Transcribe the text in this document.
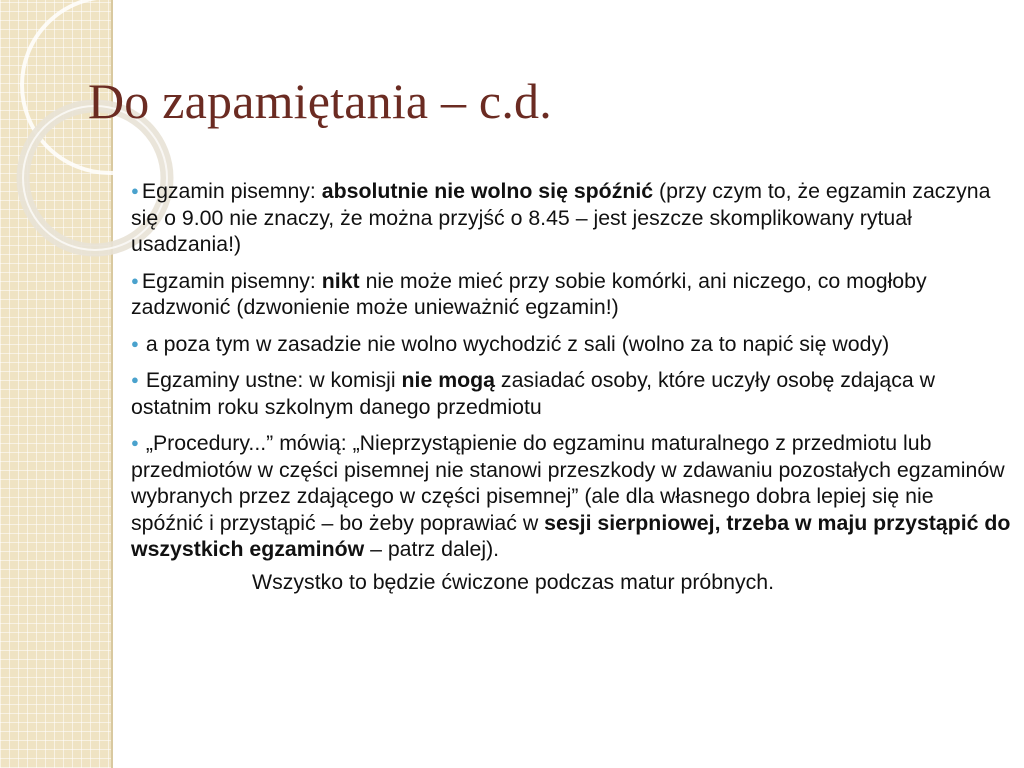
Do zapamiętania – c.d.
● Egzamin pisemny: absolutnie nie wolno się spóźnić (przy czym to, że egzamin zaczyna się o 9.00 nie znaczy, że można przyjść o 8.45 – jest jeszcze skomplikowany rytuał usadzania!)
● Egzamin pisemny: nikt nie może mieć przy sobie komórki, ani niczego, co mogłoby zadzwonić (dzwonienie może unieważnić egzamin!)
● a poza tym w zasadzie nie wolno wychodzić z sali (wolno za to napić się wody)
● Egzaminy ustne: w komisji nie mogą zasiadać osoby, które uczyły osobę zdająca w ostatnim roku szkolnym danego przedmiotu
● „Procedury...” mówią: „Nieprzystąpienie do egzaminu maturalnego z przedmiotu lub przedmiotów w części pisemnej nie stanowi przeszkody w zdawaniu pozostałych egzaminów wybranych przez zdającego w części pisemnej” (ale dla własnego dobra lepiej się nie spóźnić i przystąpić – bo żeby poprawiać w sesji sierpniowej, trzeba w maju przystąpić do wszystkich egzaminów – patrz dalej).

Wszystko to będzie ćwiczone podczas matur próbnych.
